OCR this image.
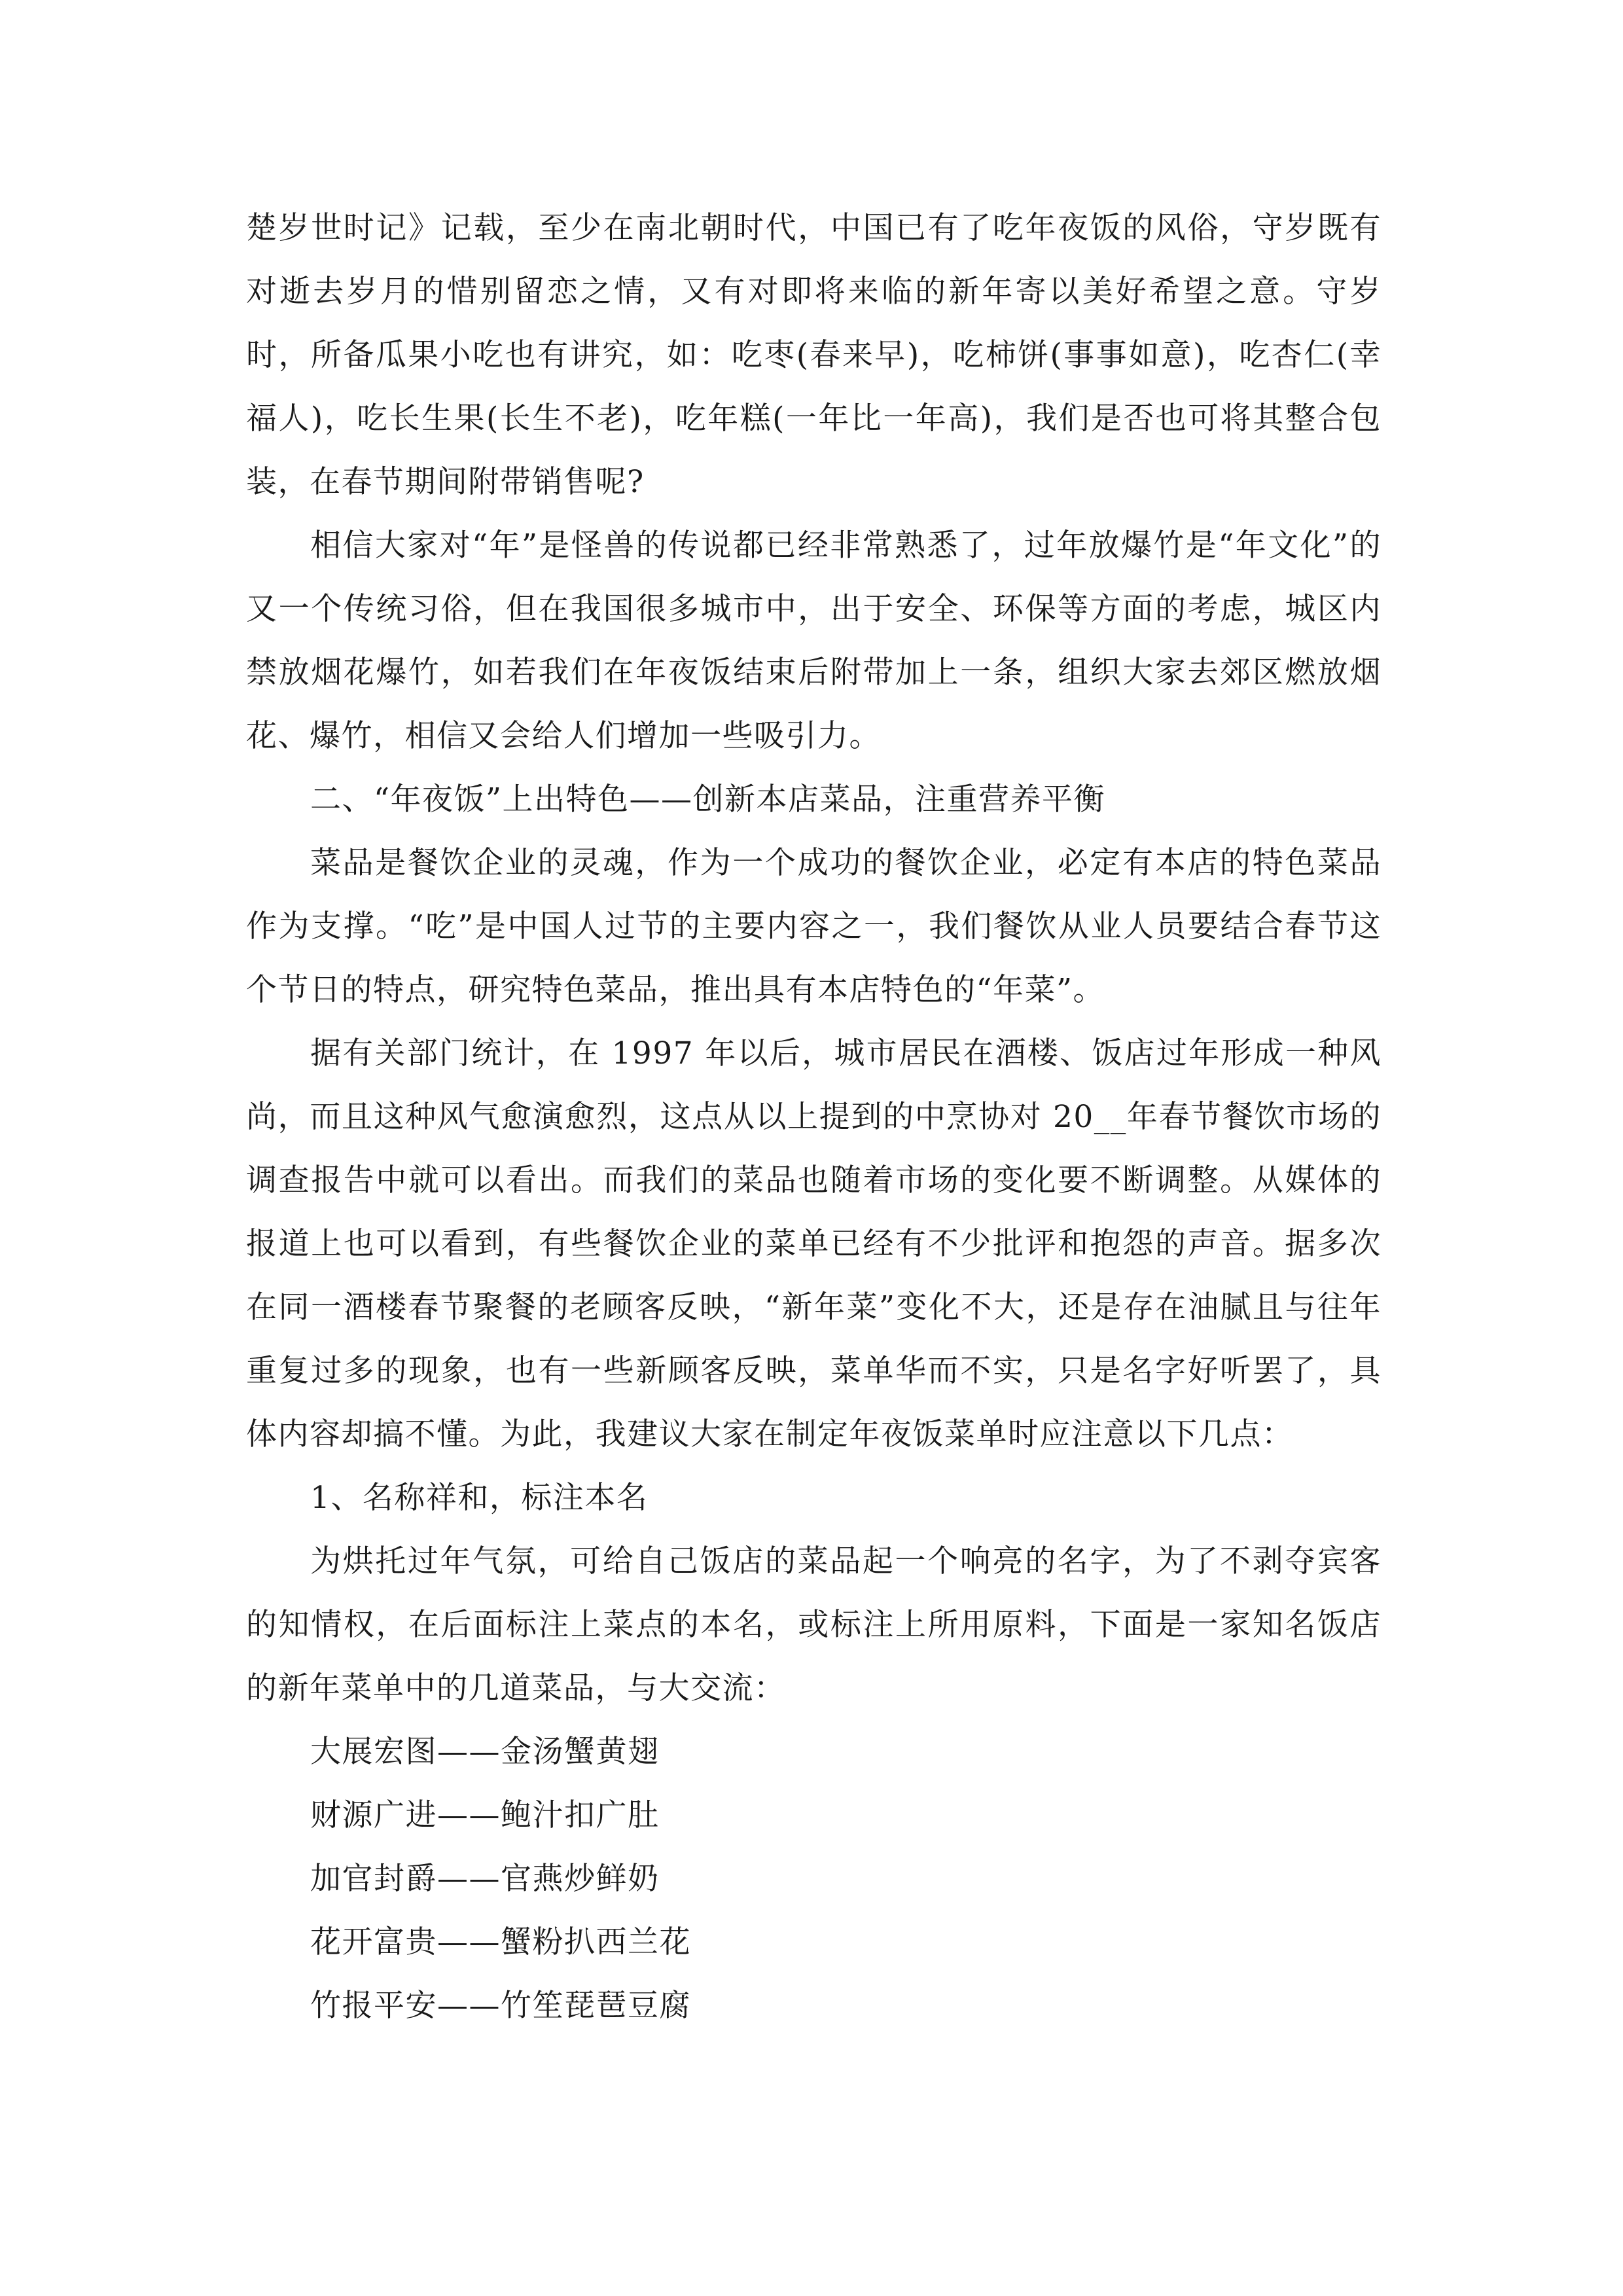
楚岁世时记》记载，至少在南北朝时代，中国已有了吃年夜饭的风俗，守岁既有对逝去岁月的惜别留恋之情，又有对即将来临的新年寄以美好希望之意。守岁时，所备瓜果小吃也有讲究，如：吃枣(春来早)，吃柿饼(事事如意)，吃杏仁(幸福人)，吃长生果(长生不老)，吃年糕(一年比一年高)，我们是否也可将其整合包装，在春节期间附带销售呢?

相信大家对“年”是怪兽的传说都已经非常熟悉了，过年放爆竹是“年文化”的又一个传统习俗，但在我国很多城市中，出于安全、环保等方面的考虑，城区内禁放烟花爆竹，如若我们在年夜饭结束后附带加上一条，组织大家去郊区燃放烟花、爆竹，相信又会给人们增加一些吸引力。

二、“年夜饭”上出特色——创新本店菜品，注重营养平衡

菜品是餐饮企业的灵魂，作为一个成功的餐饮企业，必定有本店的特色菜品作为支撑。“吃”是中国人过节的主要内容之一，我们餐饮从业人员要结合春节这个节日的特点，研究特色菜品，推出具有本店特色的“年菜”。

据有关部门统计，在 1997 年以后，城市居民在酒楼、饭店过年形成一种风尚，而且这种风气愈演愈烈，这点从以上提到的中烹协对 20__年春节餐饮市场的调查报告中就可以看出。而我们的菜品也随着市场的变化要不断调整。从媒体的报道上也可以看到，有些餐饮企业的菜单已经有不少批评和抱怨的声音。据多次在同一酒楼春节聚餐的老顾客反映，“新年菜”变化不大，还是存在油腻且与往年重复过多的现象，也有一些新顾客反映，菜单华而不实，只是名字好听罢了，具体内容却搞不懂。为此，我建议大家在制定年夜饭菜单时应注意以下几点：

1、名称祥和，标注本名

为烘托过年气氛，可给自己饭店的菜品起一个响亮的名字，为了不剥夺宾客的知情权，在后面标注上菜点的本名，或标注上所用原料，下面是一家知名饭店的新年菜单中的几道菜品，与大交流：

大展宏图——金汤蟹黄翅
财源广进——鲍汁扣广肚
加官封爵——官燕炒鲜奶
花开富贵——蟹粉扒西兰花
竹报平安——竹笙琵琶豆腐
